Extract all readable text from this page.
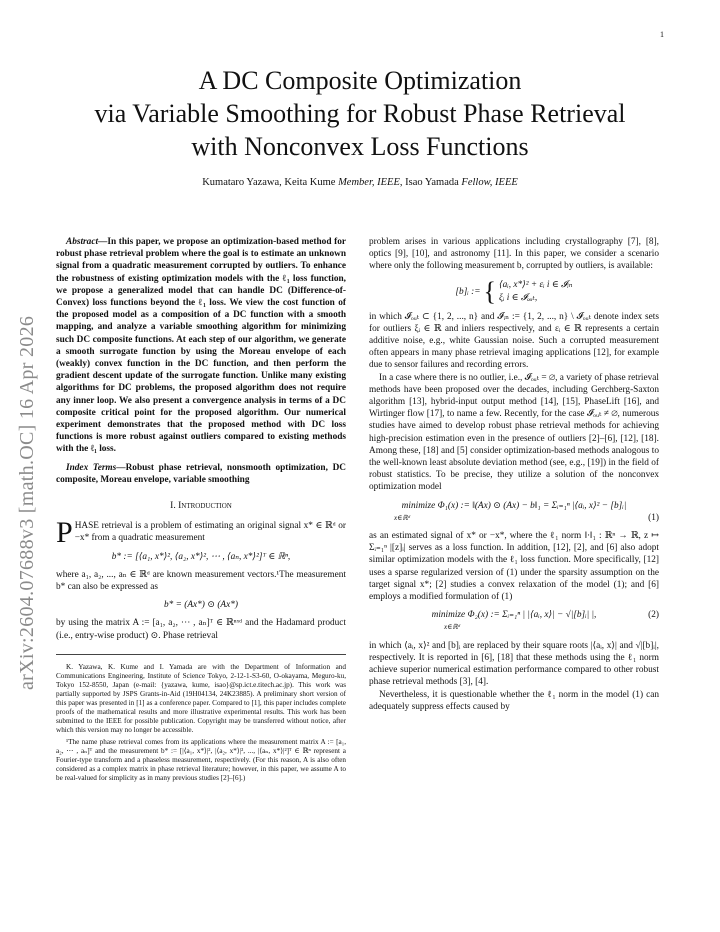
1
arXiv:2604.07688v3 [math.OC] 16 Apr 2026
A DC Composite Optimization
via Variable Smoothing for Robust Phase Retrieval
with Nonconvex Loss Functions
Kumataro Yazawa, Keita Kume Member, IEEE, Isao Yamada Fellow, IEEE

Abstract—In this paper, we propose an optimization-based method for robust phase retrieval problem where the goal is to estimate an unknown signal from a quadratic measurement corrupted by outliers. To enhance the robustness of existing optimization models with the ℓ₁ loss function, we propose a generalized model that can handle DC (Difference-of-Convex) loss functions beyond the ℓ₁ loss. We view the cost function of the proposed model as a composition of a DC function with a smooth mapping, and analyze a variable smoothing algorithm for minimizing such DC composite functions. At each step of our algorithm, we generate a smooth surrogate function by using the Moreau envelope of each (weakly) convex function in the DC function, and then perform the gradient descent update of the surrogate function. Unlike many existing algorithms for DC problems, the proposed algorithm does not require any inner loop. We also present a convergence analysis in terms of a DC composite critical point for the proposed algorithm. Our numerical experiment demonstrates that the proposed method with DC loss functions is more robust against outliers compared to existing methods with the ℓ₁ loss.

Index Terms—Robust phase retrieval, nonsmooth optimization, DC composite, Moreau envelope, variable smoothing

I. Introduction

PHASE retrieval is a problem of estimating an original signal x* ∈ ℝᵈ or −x* from a quadratic measurement

b* := [⟨a₁, x*⟩², ⟨a₂, x*⟩², ⋯ , ⟨aₙ, x*⟩²]ᵀ ∈ ℝⁿ,

where a₁, a₂, ..., aₙ ∈ ℝᵈ are known measurement vectors.¹The measurement b* can also be expressed as

b* = (Ax*) ⊙ (Ax*)

by using the matrix A := [a₁, a₂, ⋯ , aₙ]ᵀ ∈ ℝⁿˣᵈ and the Hadamard product (i.e., entry-wise product) ⊙. Phase retrieval

K. Yazawa, K. Kume and I. Yamada are with the Department of Information and Communications Engineering, Institute of Science Tokyo, 2-12-1-S3-60, O-okayama, Meguro-ku, Tokyo 152-8550, Japan (e-mail: {yazawa, kume, isao}@sp.ict.e.titech.ac.jp). This work was partially supported by JSPS Grants-in-Aid (19H04134, 24K23885). A preliminary short version of this paper was presented in [1] as a conference paper. Compared to [1], this paper includes complete proofs of the mathematical results and more illustrative experimental results. This work has been submitted to the IEEE for possible publication. Copyright may be transferred without notice, after which this version may no longer be accessible.

¹The name phase retrieval comes from its applications where the measurement matrix A := [a₁, a₂, ⋯ , aₙ]ᵀ and the measurement b* := [|⟨a₁, x*⟩|², |⟨a₂, x*⟩|², ..., |⟨aₙ, x*⟩|²]ᵀ ∈ ℝⁿ represent a Fourier-type transform and a phaseless measurement, respectively. (For this reason, A is also often considered as a complex matrix in phase retrieval literature; however, in this paper, we assume A to be real-valued for simplicity as in many previous studies [2]–[6].)

problem arises in various applications including crystallography [7], [8], optics [9], [10], and astronomy [11]. In this paper, we consider a scenario where only the following measurement b, corrupted by outliers, is available:

[b]ᵢ := { ⟨aᵢ, x*⟩² + εᵢ i ∈ 𝓘ᵢₙ
ξᵢ i ∈ 𝓘ₒᵤₜ,

in which 𝓘ₒᵤₜ ⊂ {1, 2, ..., n} and 𝓘ᵢₙ := {1, 2, ..., n} \ 𝓘ₒᵤₜ denote index sets for outliers ξᵢ ∈ ℝ and inliers respectively, and εᵢ ∈ ℝ represents a certain additive noise, e.g., white Gaussian noise. Such a corrupted measurement often appears in many phase retrieval imaging applications [12], for example due to sensor failures and recording errors.

In a case where there is no outlier, i.e., 𝓘ₒᵤₜ = ∅, a variety of phase retrieval methods have been proposed over the decades, including Gerchberg-Saxton algorithm [13], hybrid-input output method [14], [15], PhaseLift [16], and Wirtinger flow [17], to name a few. Recently, for the case 𝓘ₒᵤₜ ≠ ∅, numerous studies have aimed to develop robust phase retrieval methods for achieving high-precision estimation even in the presence of outliers [2]–[6], [12], [18]. Among these, [18] and [5] consider optimization-based methods analogous to the well-known least absolute deviation method (see, e.g., [19]) in the field of robust statistics. To be precise, they utilize a solution of the nonconvex optimization model

minimize Φ₁(x) := ‖(Ax) ⊙ (Ax) − b‖₁ = Σᵢ₌₁ⁿ |⟨aᵢ, x⟩² − [b]ᵢ|
x∈ℝᵈ	(1)

as an estimated signal of x* or −x*, where the ℓ₁ norm ‖·‖₁ : ℝⁿ → ℝ, z ↦ Σᵢ₌₁ⁿ |[z]ᵢ| serves as a loss function. In addition, [12], [2], and [6] also adopt similar optimization models with the ℓ₁ loss function. More specifically, [12] uses a sparse regularized version of (1) under the sparsity assumption on the target signal x*; [2] studies a convex relaxation of the model (1); and [6] employs a modified formulation of (1)

minimize Φ₂(x) := Σᵢ₌₁ⁿ | |⟨aᵢ, x⟩| − √|[b]ᵢ| |,	(2)

x∈ℝᵈ

in which ⟨aᵢ, x⟩² and [b]ᵢ are replaced by their square roots |⟨aᵢ, x⟩| and √|[b]ᵢ|, respectively. It is reported in [6], [18] that these methods using the ℓ₁ norm achieve superior numerical estimation performance compared to other robust phase retrieval methods [3], [4].

Nevertheless, it is questionable whether the ℓ₁ norm in the model (1) can adequately suppress effects caused by
